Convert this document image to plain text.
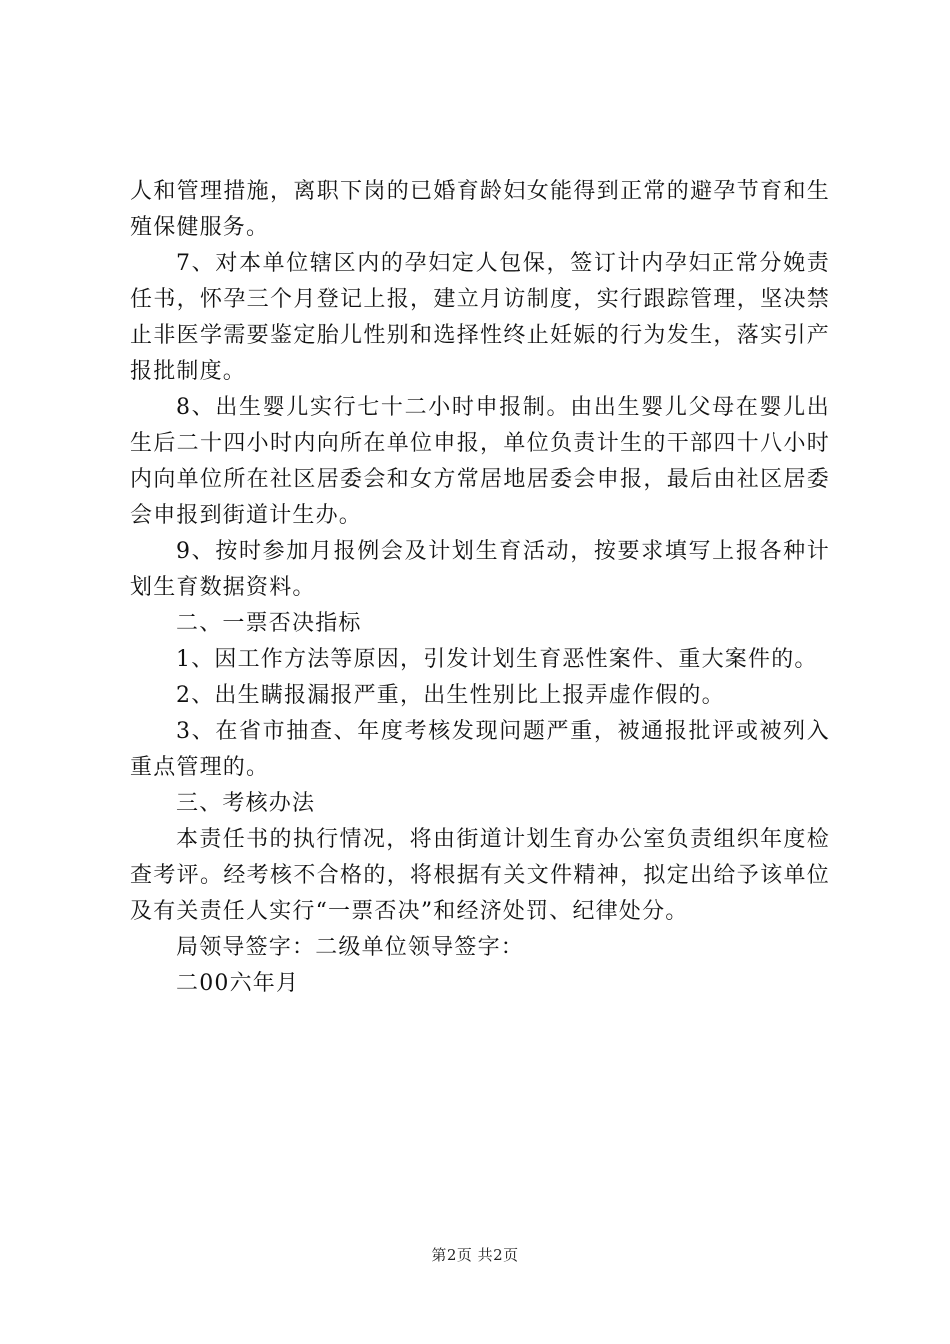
人和管理措施，离职下岗的已婚育龄妇女能得到正常的避孕节育和生殖保健服务。

7、对本单位辖区内的孕妇定人包保，签订计内孕妇正常分娩责任书，怀孕三个月登记上报，建立月访制度，实行跟踪管理，坚决禁止非医学需要鉴定胎儿性别和选择性终止妊娠的行为发生，落实引产报批制度。

8、出生婴儿实行七十二小时申报制。由出生婴儿父母在婴儿出生后二十四小时内向所在单位申报，单位负责计生的干部四十八小时内向单位所在社区居委会和女方常居地居委会申报，最后由社区居委会申报到街道计生办。

9、按时参加月报例会及计划生育活动，按要求填写上报各种计划生育数据资料。

二、一票否决指标

1、因工作方法等原因，引发计划生育恶性案件、重大案件的。

2、出生瞒报漏报严重，出生性别比上报弄虚作假的。

3、在省市抽查、年度考核发现问题严重，被通报批评或被列入重点管理的。

三、考核办法

本责任书的执行情况，将由街道计划生育办公室负责组织年度检查考评。经考核不合格的，将根据有关文件精神，拟定出给予该单位及有关责任人实行“一票否决”和经济处罚、纪律处分。

局领导签字：二级单位领导签字：

二00六年月

第2页 共2页
